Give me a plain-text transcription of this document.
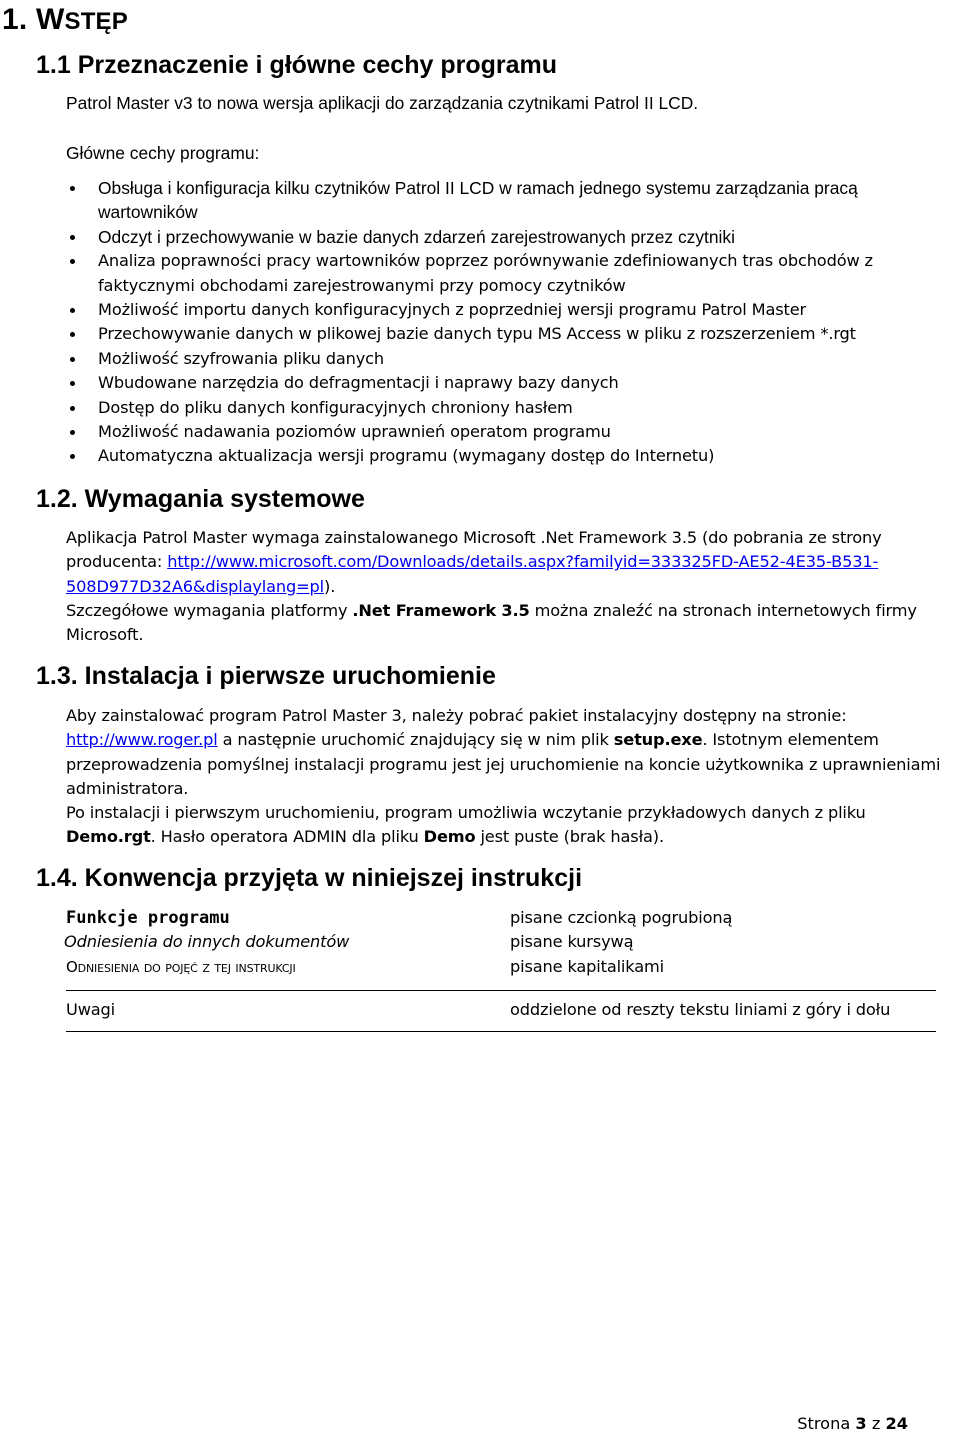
1. WSTĘP
1.1 Przeznaczenie i główne cechy programu

Patrol Master v3 to nowa wersja aplikacji do zarządzania czytnikami Patrol II LCD.

Główne cechy programu:

Obsługa i konfiguracja kilku czytników Patrol II LCD w ramach jednego systemu zarządzania pracą wartowników
Odczyt i przechowywanie w bazie danych zdarzeń zarejestrowanych przez czytniki
Analiza poprawności pracy wartowników poprzez porównywanie zdefiniowanych tras obchodów z faktycznymi obchodami zarejestrowanymi przy pomocy czytników
Możliwość importu danych konfiguracyjnych z poprzedniej wersji programu Patrol Master
Przechowywanie danych w plikowej bazie danych typu MS Access w pliku z rozszerzeniem *.rgt
Możliwość szyfrowania pliku danych
Wbudowane narzędzia do defragmentacji i naprawy bazy danych
Dostęp do pliku danych konfiguracyjnych chroniony hasłem
Możliwość nadawania poziomów uprawnień operatom programu
Automatyczna aktualizacja wersji programu (wymagany dostęp do Internetu)
1.2. Wymagania systemowe

Aplikacja Patrol Master wymaga zainstalowanego Microsoft .Net Framework 3.5 (do pobrania ze strony producenta: http://www.microsoft.com/Downloads/details.aspx?familyid=333325FD-AE52-4E35-B531-508D977D32A6&displaylang=pl).

Szczegółowe wymagania platformy .Net Framework 3.5 można znaleźć na stronach internetowych firmy Microsoft.

1.3. Instalacja i pierwsze uruchomienie

Aby zainstalować program Patrol Master 3, należy pobrać pakiet instalacyjny dostępny na stronie: http://www.roger.pl a następnie uruchomić znajdujący się w nim plik setup.exe. Istotnym elementem przeprowadzenia pomyślnej instalacji programu jest jej uruchomienie na koncie użytkownika z uprawnieniami administratora.

Po instalacji i pierwszym uruchomieniu, program umożliwia wczytanie przykładowych danych z pliku Demo.rgt. Hasło operatora ADMIN dla pliku Demo jest puste (brak hasła).

1.4. Konwencja przyjęta w niniejszej instrukcji
Funkcje programu	pisane czcionką pogrubioną
Odniesienia do innych dokumentów	pisane kursywą
Odniesienia do pojęć z tej instrukcji	pisane kapitalikami
Uwagi	oddzielone od reszty tekstu liniami z góry i dołu
Strona 3 z 24
